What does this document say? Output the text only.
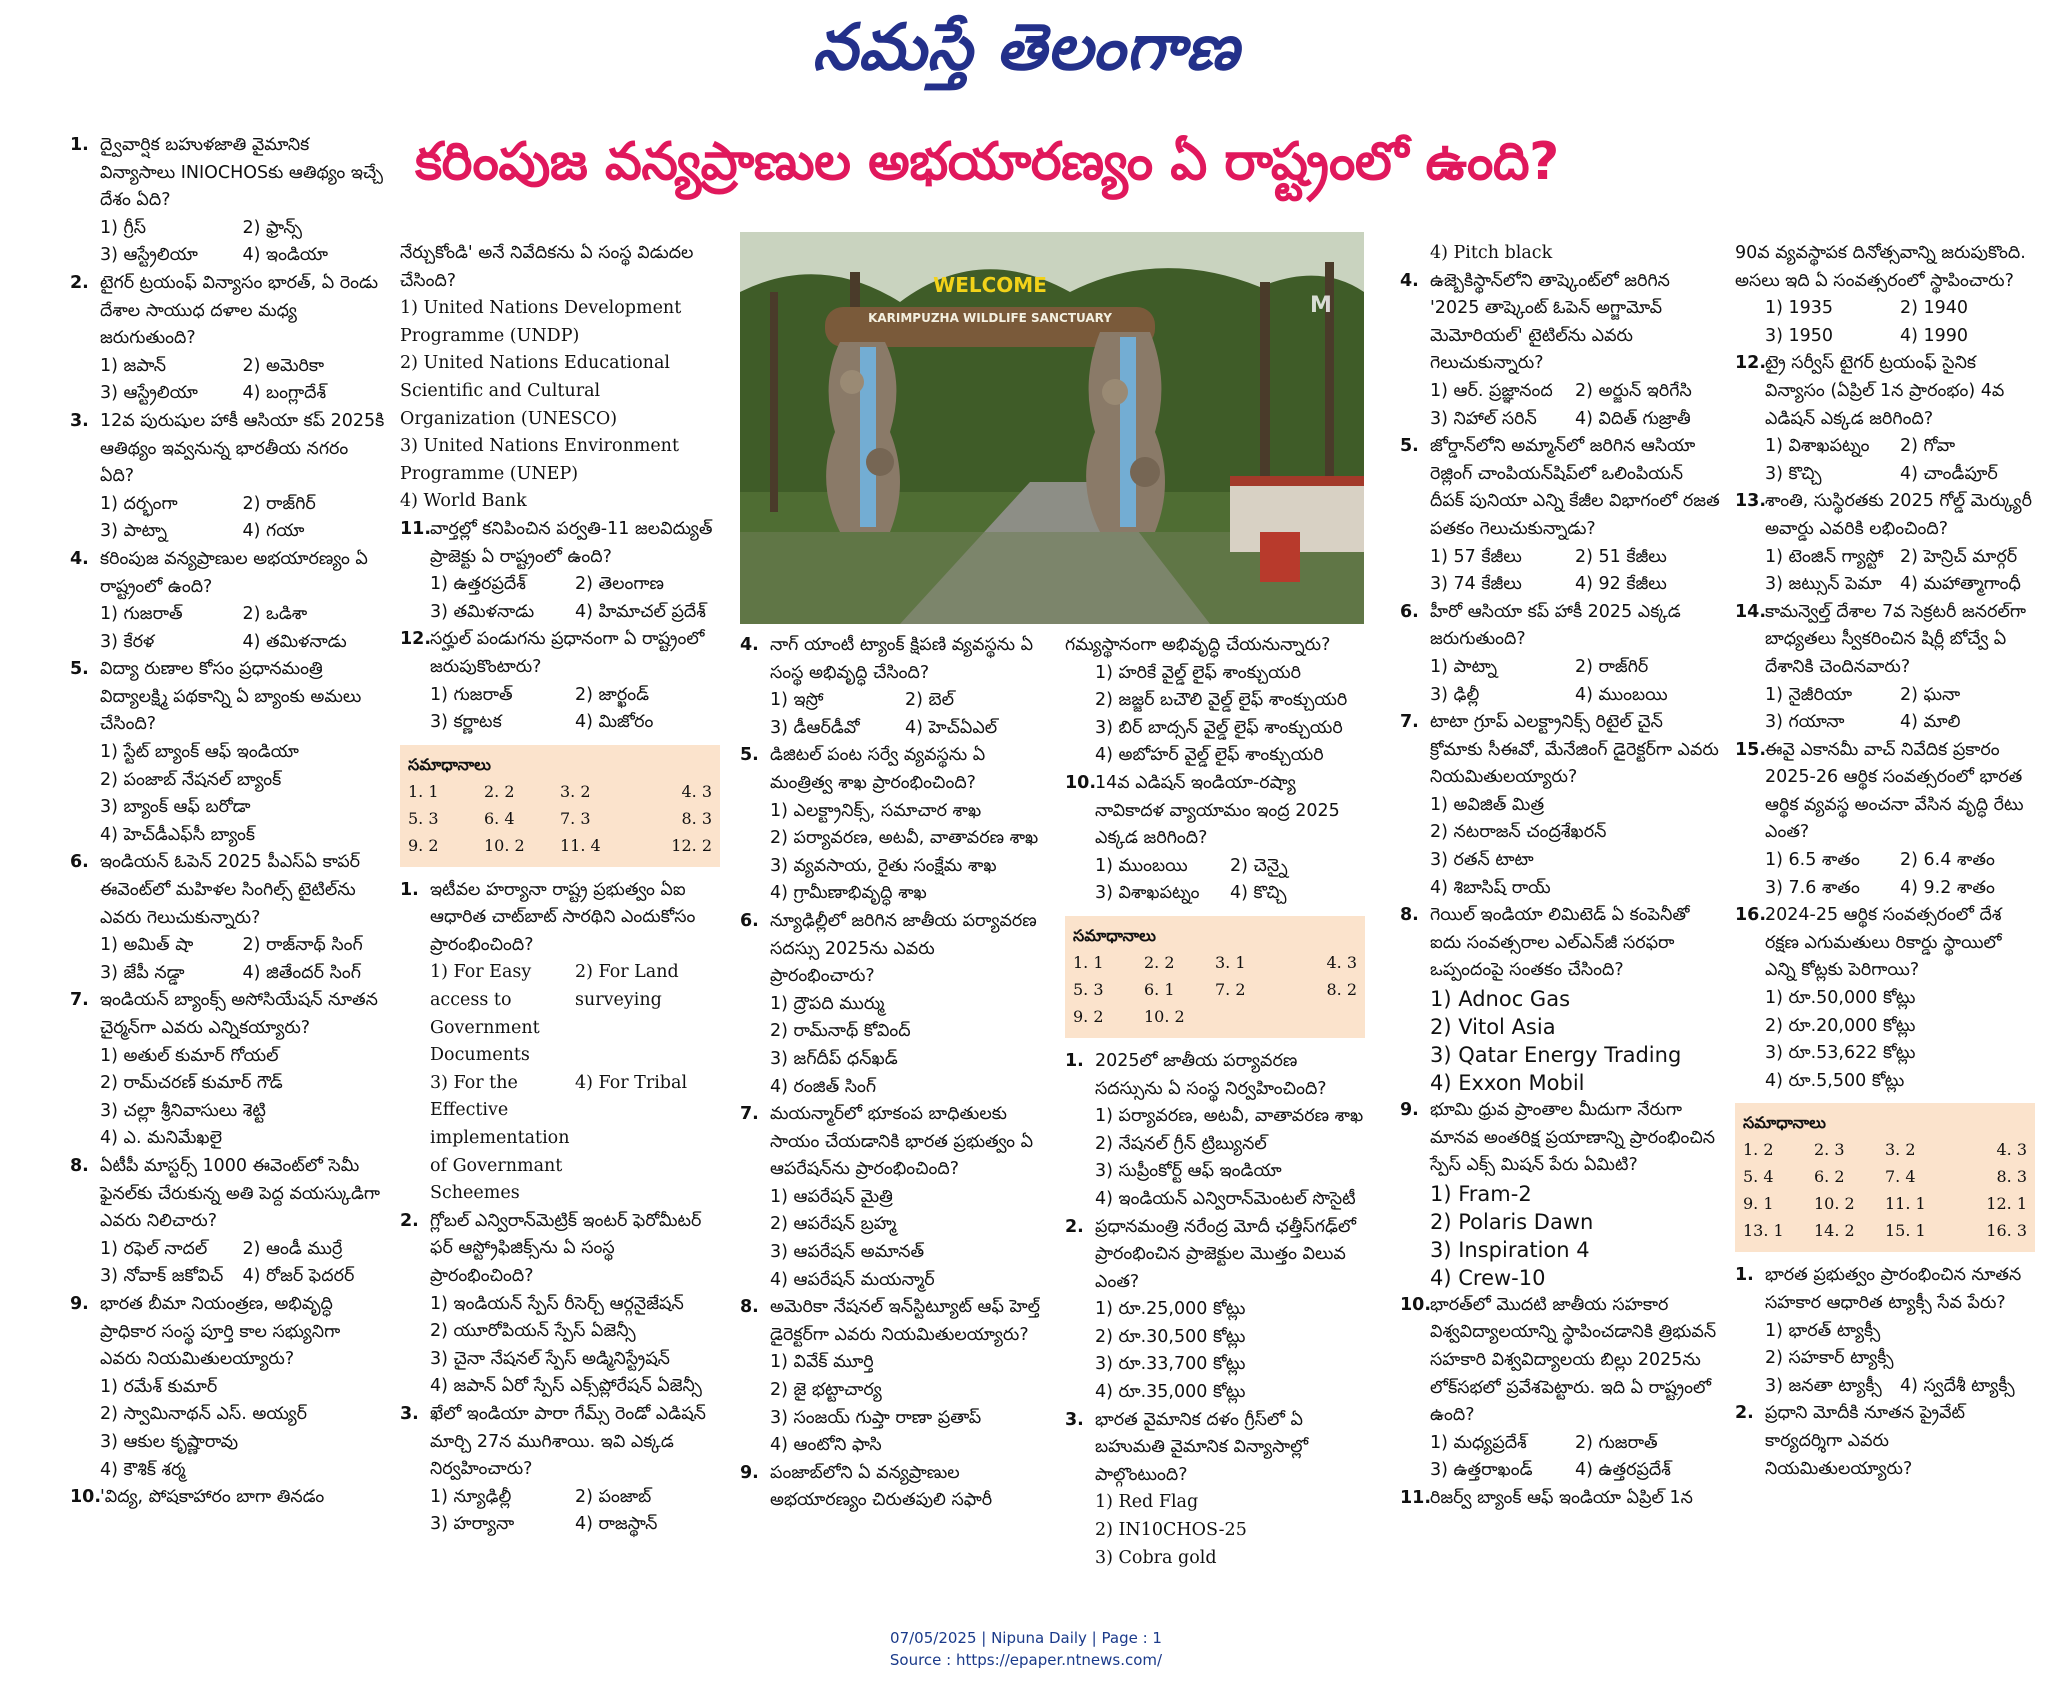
నమస్తే తెలంగాణ
కరింపుజ వన్యప్రాణుల అభయారణ్యం ఏ రాష్ట్రంలో ఉంది?
WELCOME
KARIMPUZHA WILDLIFE SANCTUARY	M
1. ద్వైవార్షిక బహుళజాతి వైమానిక విన్యాసాలు INIOCHOSకు ఆతిథ్యం ఇచ్చే దేశం ఏది?
1) గ్రీస్	2) ఫ్రాన్స్
3) ఆస్ట్రేలియా	4) ఇండియా
2. టైగర్ ట్రయంఫ్ విన్యాసం భారత్, ఏ రెండు దేశాల సాయుధ దళాల మధ్య జరుగుతుంది?
1) జపాన్	2) అమెరికా
3) ఆస్ట్రేలియా	4) బంగ్లాదేశ్
3. 12వ పురుషుల హాకీ ఆసియా కప్ 2025కి ఆతిథ్యం ఇవ్వనున్న భారతీయ నగరం ఏది?
1) దర్భంగా	2) రాజ్‌గిర్
3) పాట్నా	4) గయా
4. కరింపుజ వన్యప్రాణుల అభయారణ్యం ఏ రాష్ట్రంలో ఉంది?
1) గుజరాత్	2) ఒడిశా
3) కేరళ	4) తమిళనాడు
5. విద్యా రుణాల కోసం ప్రధానమంత్రి విద్యాలక్ష్మి పథకాన్ని ఏ బ్యాంకు అమలు చేసింది?
1) స్టేట్ బ్యాంక్ ఆఫ్ ఇండియా
2) పంజాబ్ నేషనల్ బ్యాంక్
3) బ్యాంక్ ఆఫ్ బరోడా
4) హెచ్‌డీఎఫ్‌సీ బ్యాంక్
6. ఇండియన్ ఓపెన్ 2025 పీఎస్ఏ కాపర్ ఈవెంట్‌లో మహిళల సింగిల్స్ టైటిల్‌ను ఎవరు గెలుచుకున్నారు?
1) అమిత్ షా	2) రాజ్‌నాథ్ సింగ్
3) జేపీ నడ్డా	4) జితేందర్ సింగ్
7. ఇండియన్ బ్యాంక్స్ అసోసియేషన్ నూతన చైర్మన్‌గా ఎవరు ఎన్నికయ్యారు?
1) అతుల్ కుమార్ గోయల్
2) రామ్‌చరణ్ కుమార్ గౌడ్
3) చల్లా శ్రీనివాసులు శెట్టి
4) ఎ. మనిమేఖలై
8. ఏటీపీ మాస్టర్స్ 1000 ఈవెంట్‌లో సెమీ ఫైనల్‌కు చేరుకున్న అతి పెద్ద వయస్కుడిగా ఎవరు నిలిచారు?
1) రఫెల్ నాదల్	2) ఆండీ ముర్రే
3) నోవాక్ జకోవిచ్	4) రోజర్ ఫెదరర్
9. భారత బీమా నియంత్రణ, అభివృద్ధి ప్రాధికార సంస్థ పూర్తి కాల సభ్యునిగా ఎవరు నియమితులయ్యారు?
1) రమేశ్ కుమార్
2) స్వామినాథన్ ఎస్. అయ్యర్
3) ఆకుల కృష్ణారావు
4) కౌశిక్ శర్మ
10.
'విద్య, పోషకాహారం బాగా తినడం
నేర్చుకోండి' అనే నివేదికను ఏ సంస్థ విడుదల చేసింది?
1) United Nations Development Programme (UNDP)
2) United Nations Educational Scientific and Cultural Organization (UNESCO)
3) United Nations Environment Programme (UNEP)
4) World Bank
11.
వార్తల్లో కనిపించిన పర్వతి-11 జలవిద్యుత్ ప్రాజెక్టు ఏ రాష్ట్రంలో ఉంది?
1) ఉత్తరప్రదేశ్	2) తెలంగాణ
3) తమిళనాడు	4) హిమాచల్ ప్రదేశ్
12.
సర్హుల్ పండుగను ప్రధానంగా ఏ రాష్ట్రంలో జరుపుకొంటారు?
1) గుజరాత్	2) జార్ఖండ్
3) కర్ణాటక	4) మిజోరం
సమాధానాలు
1. 1	2. 2	3. 2	4. 3
5. 3	6. 4	7. 3	8. 3
9. 2	10. 2	11. 4	12. 2
1. ఇటీవల హర్యానా రాష్ట్ర ప్రభుత్వం ఏఐ ఆధారిత చాట్‌బాట్ సారథిని ఎందుకోసం ప్రారంభించింది?
1) For Easy access to Government Documents
2) For Land surveying
3) For the Effective implementation of Governmant Scheemes
4) For Tribal
2. గ్లోబల్ ఎన్విరాన్‌మెట్రిక్ ఇంటర్ ఫెరోమీటర్ ఫర్ ఆస్ట్రోఫిజిక్స్‌ను ఏ సంస్థ ప్రారంభించింది?
1) ఇండియన్ స్పేస్ రీసెర్చ్ ఆర్గనైజేషన్
2) యూరోపియన్ స్పేస్ ఏజెన్సీ
3) చైనా నేషనల్ స్పేస్ అడ్మినిస్ట్రేషన్
4) జపాన్ ఏరో స్పేస్ ఎక్స్‌ప్లోరేషన్ ఏజెన్సీ
3. ఖేలో ఇండియా పారా గేమ్స్ రెండో ఎడిషన్ మార్చి 27న ముగిశాయి. ఇవి ఎక్కడ నిర్వహించారు?
1) న్యూఢిల్లీ	2) పంజాబ్
3) హర్యానా	4) రాజస్థాన్
4. నాగ్ యాంటీ ట్యాంక్ క్షిపణి వ్యవస్థను ఏ సంస్థ అభివృద్ధి చేసింది?
1) ఇస్రో	2) బెల్
3) డీఆర్‌డీవో	4) హెచ్ఏఎల్
5. డిజిటల్ పంట సర్వే వ్యవస్థను ఏ మంత్రిత్వ శాఖ ప్రారంభించింది?
1) ఎలక్ట్రానిక్స్, సమాచార శాఖ
2) పర్యావరణ, అటవీ, వాతావరణ శాఖ
3) వ్యవసాయ, రైతు సంక్షేమ శాఖ
4) గ్రామీణాభివృద్ధి శాఖ
6. న్యూఢిల్లీలో జరిగిన జాతీయ పర్యావరణ సదస్సు 2025ను ఎవరు ప్రారంభించారు?
1) ద్రౌపది ముర్ము
2) రామ్‌నాథ్ కోవింద్
3) జగ్‌దీప్ ధన్‌ఖడ్
4) రంజిత్ సింగ్
7. మయన్మార్‌లో భూకంప బాధితులకు సాయం చేయడానికి భారత ప్రభుత్వం ఏ ఆపరేషన్‌ను ప్రారంభించింది?
1) ఆపరేషన్ మైత్రి
2) ఆపరేషన్ బ్రహ్మ
3) ఆపరేషన్ అమానత్
4) ఆపరేషన్ మయన్మార్
8. అమెరికా నేషనల్ ఇన్‌స్టిట్యూట్ ఆఫ్ హెల్త్ డైరెక్టర్‌గా ఎవరు నియమితులయ్యారు?
1) వివేక్ మూర్తి
2) జై భట్టాచార్య
3) సంజయ్ గుప్తా రాణా ప్రతాప్
4) ఆంటోని ఫాసి
9. పంజాబ్‌లోని ఏ వన్యప్రాణుల అభయారణ్యం చిరుతపులి సఫారీ
గమ్యస్థానంగా అభివృద్ధి చేయనున్నారు?
1) హరికే వైల్డ్ లైఫ్ శాంక్చుయరి
2) జజ్జర్ బచౌలి వైల్డ్ లైఫ్ శాంక్చుయరి
3) బిర్ బాద్సన్ వైల్డ్ లైఫ్ శాంక్చుయరి
4) అబోహర్ వైల్డ్ లైఫ్ శాంక్చుయరి
10.
14వ ఎడిషన్ ఇండియా-రష్యా నావికాదళ వ్యాయామం ఇంద్ర 2025 ఎక్కడ జరిగింది?
1) ముంబయి	2) చెన్నై
3) విశాఖపట్నం	4) కొచ్చి
సమాధానాలు
1. 1	2. 2	3. 1	4. 3
5. 3	6. 1	7. 2	8. 2
9. 2	10. 2
1. 2025లో జాతీయ పర్యావరణ సదస్సును ఏ సంస్థ నిర్వహించింది?
1) పర్యావరణ, అటవీ, వాతావరణ శాఖ
2) నేషనల్ గ్రీన్ ట్రిబ్యునల్
3) సుప్రీంకోర్ట్ ఆఫ్ ఇండియా
4) ఇండియన్ ఎన్విరాన్‌మెంటల్ సొసైటీ
2. ప్రధానమంత్రి నరేంద్ర మోదీ ఛత్తీస్‌గఢ్‌లో ప్రారంభించిన ప్రాజెక్టుల మొత్తం విలువ ఎంత?
1) రూ.25,000 కోట్లు
2) రూ.30,500 కోట్లు
3) రూ.33,700 కోట్లు
4) రూ.35,000 కోట్లు
3. భారత వైమానిక దళం గ్రీస్‌లో ఏ బహుమతి వైమానిక విన్యాసాల్లో పాల్గొంటుంది?
1) Red Flag
2) IN10CHOS-25
3) Cobra gold
4) Pitch black
4. ఉజ్బెకిస్థాన్‌లోని తాష్కెంట్‌లో జరిగిన '2025 తాష్కెంట్ ఓపెన్ అగ్జామోవ్ మెమోరియల్' టైటిల్‌ను ఎవరు గెలుచుకున్నారు?
1) ఆర్. ప్రజ్ఞానంద	2) అర్జున్ ఇరిగేసి
3) నిహాల్ సరిన్	4) విదిత్ గుజ్రాతీ
5. జోర్డాన్‌లోని అమ్మాన్‌లో జరిగిన ఆసియా రెజ్లింగ్ చాంపియన్‌షిప్‌లో ఒలింపియన్ దీపక్ పునియా ఎన్ని కేజీల విభాగంలో రజత పతకం గెలుచుకున్నాడు?
1) 57 కేజీలు	2) 51 కేజీలు
3) 74 కేజీలు	4) 92 కేజీలు
6. హీరో ఆసియా కప్ హాకీ 2025 ఎక్కడ జరుగుతుంది?
1) పాట్నా	2) రాజ్‌గిర్
3) ఢిల్లీ	4) ముంబయి
7. టాటా గ్రూప్ ఎలక్ట్రానిక్స్ రిటైల్ చైన్ క్రోమాకు సీఈవో, మేనేజింగ్ డైరెక్టర్‌గా ఎవరు నియమితులయ్యారు?
1) అవిజిత్ మిత్ర
2) నటరాజన్ చంద్రశేఖరన్
3) రతన్ టాటా
4) శిబాసిష్ రాయ్
8. గెయిల్ ఇండియా లిమిటెడ్ ఏ కంపెనీతో ఐదు సంవత్సరాల ఎల్ఎన్‌జీ సరఫరా ఒప్పందంపై సంతకం చేసింది?
1) Adnoc Gas
2) Vitol Asia
3) Qatar Energy Trading
4) Exxon Mobil
9. భూమి ధ్రువ ప్రాంతాల మీదుగా నేరుగా మానవ అంతరిక్ష ప్రయాణాన్ని ప్రారంభించిన స్పేస్ ఎక్స్ మిషన్ పేరు ఏమిటి?
1) Fram-2
2) Polaris Dawn
3) Inspiration 4
4) Crew-10
10.
భారత్‌లో మొదటి జాతీయ సహకార విశ్వవిద్యాలయాన్ని స్థాపించడానికి త్రిభువన్ సహకారి విశ్వవిద్యాలయ బిల్లు 2025ను లోక్‌సభలో ప్రవేశపెట్టారు. ఇది ఏ రాష్ట్రంలో ఉంది?
1) మధ్యప్రదేశ్	2) గుజరాత్
3) ఉత్తరాఖండ్	4) ఉత్తరప్రదేశ్
11.
రిజర్వ్ బ్యాంక్ ఆఫ్ ఇండియా ఏప్రిల్ 1న
90వ వ్యవస్థాపక దినోత్సవాన్ని జరుపుకొంది. అసలు ఇది ఏ సంవత్సరంలో స్థాపించారు?
1) 1935	2) 1940
3) 1950	4) 1990
12.
ట్రై సర్వీస్ టైగర్ ట్రయంఫ్ సైనిక విన్యాసం (ఏప్రిల్ 1న ప్రారంభం) 4వ ఎడిషన్ ఎక్కడ జరిగింది?
1) విశాఖపట్నం	2) గోవా
3) కొచ్చి	4) చాండీపూర్
13.
శాంతి, సుస్థిరతకు 2025 గోల్డ్ మెర్క్యురీ అవార్డు ఎవరికి లభించింది?
1) టెంజిన్ గ్యాస్టో 2) హెన్రిచ్ మార్గర్
3) జట్సున్ పెమా	4) మహాత్మాగాంధీ
14.
కామన్వెల్త్ దేశాల 7వ సెక్రటరీ జనరల్‌గా బాధ్యతలు స్వీకరించిన షిర్లీ బోచ్వే ఏ దేశానికి చెందినవారు?
1) నైజీరియా	2) ఘనా
3) గయానా	4) మాలి
15.
ఈవై ఎకానమీ వాచ్ నివేదిక ప్రకారం 2025-26 ఆర్థిక సంవత్సరంలో భారత ఆర్థిక వ్యవస్థ అంచనా వేసిన వృద్ధి రేటు ఎంత?
1) 6.5 శాతం	2) 6.4 శాతం
3) 7.6 శాతం	4) 9.2 శాతం
16.
2024-25 ఆర్థిక సంవత్సరంలో దేశ రక్షణ ఎగుమతులు రికార్డు స్థాయిలో ఎన్ని కోట్లకు పెరిగాయి?
1) రూ.50,000 కోట్లు
2) రూ.20,000 కోట్లు
3) రూ.53,622 కోట్లు
4) రూ.5,500 కోట్లు
సమాధానాలు
1. 2	2. 3	3. 2	4. 3
5. 4	6. 2	7. 4	8. 3
9. 1	10. 2	11. 1	12. 1
13. 1	14. 2	15. 1	16. 3
1. భారత ప్రభుత్వం ప్రారంభించిన నూతన సహకార ఆధారిత ట్యాక్సీ సేవ పేరు?
1) భారత్ ట్యాక్సీ
2) సహకార్ ట్యాక్సీ
3) జనతా ట్యాక్సీ	4) స్వదేశీ ట్యాక్సీ
2. ప్రధాని మోదీకి నూతన ప్రైవేట్ కార్యదర్శిగా ఎవరు నియమితులయ్యారు?
07/05/2025 | Nipuna Daily | Page : 1
Source : https://epaper.ntnews.com/
